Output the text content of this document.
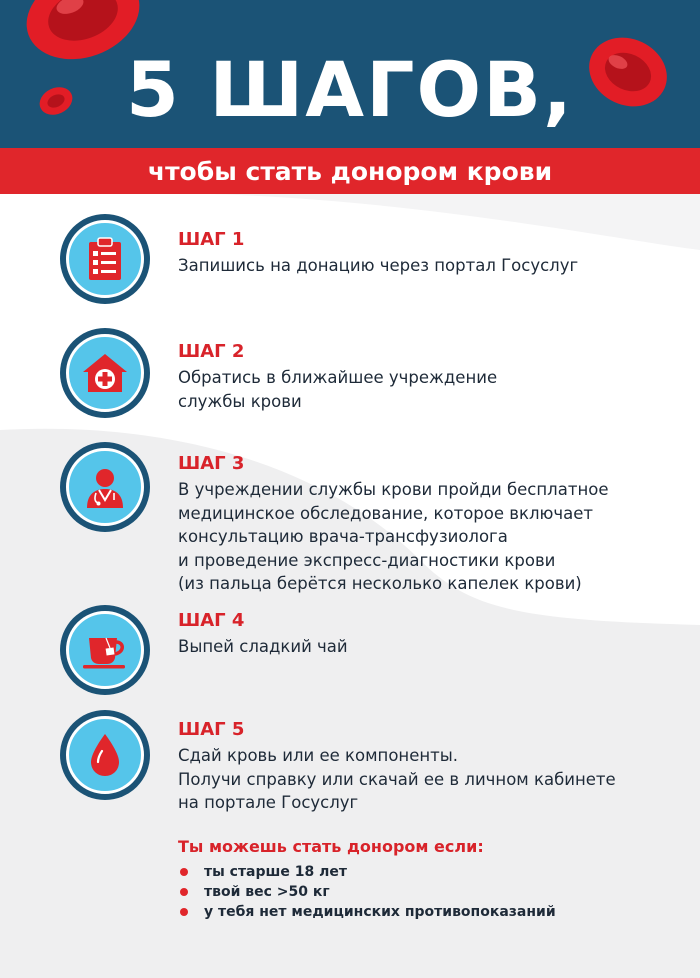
5 ШАГОВ,
чтобы стать донором крови
ШАГ 1
Запишись на донацию через портал Госуслуг
ШАГ 2
Обратись в ближайшее учреждение
службы крови
ШАГ 3
В учреждении службы крови пройди бесплатное
медицинское обследование, которое включает
консультацию врача-трансфузиолога
и проведение экспресс-диагностики крови
(из пальца берётся несколько капелек крови)
ШАГ 4
Выпей сладкий чай
ШАГ 5
Сдай кровь или ее компоненты.
Получи справку или скачай ее в личном кабинете
на портале Госуслуг
Ты можешь стать донором если:
ты старше 18 лет
твой вес >50 кг
у тебя нет медицинских противопоказаний
